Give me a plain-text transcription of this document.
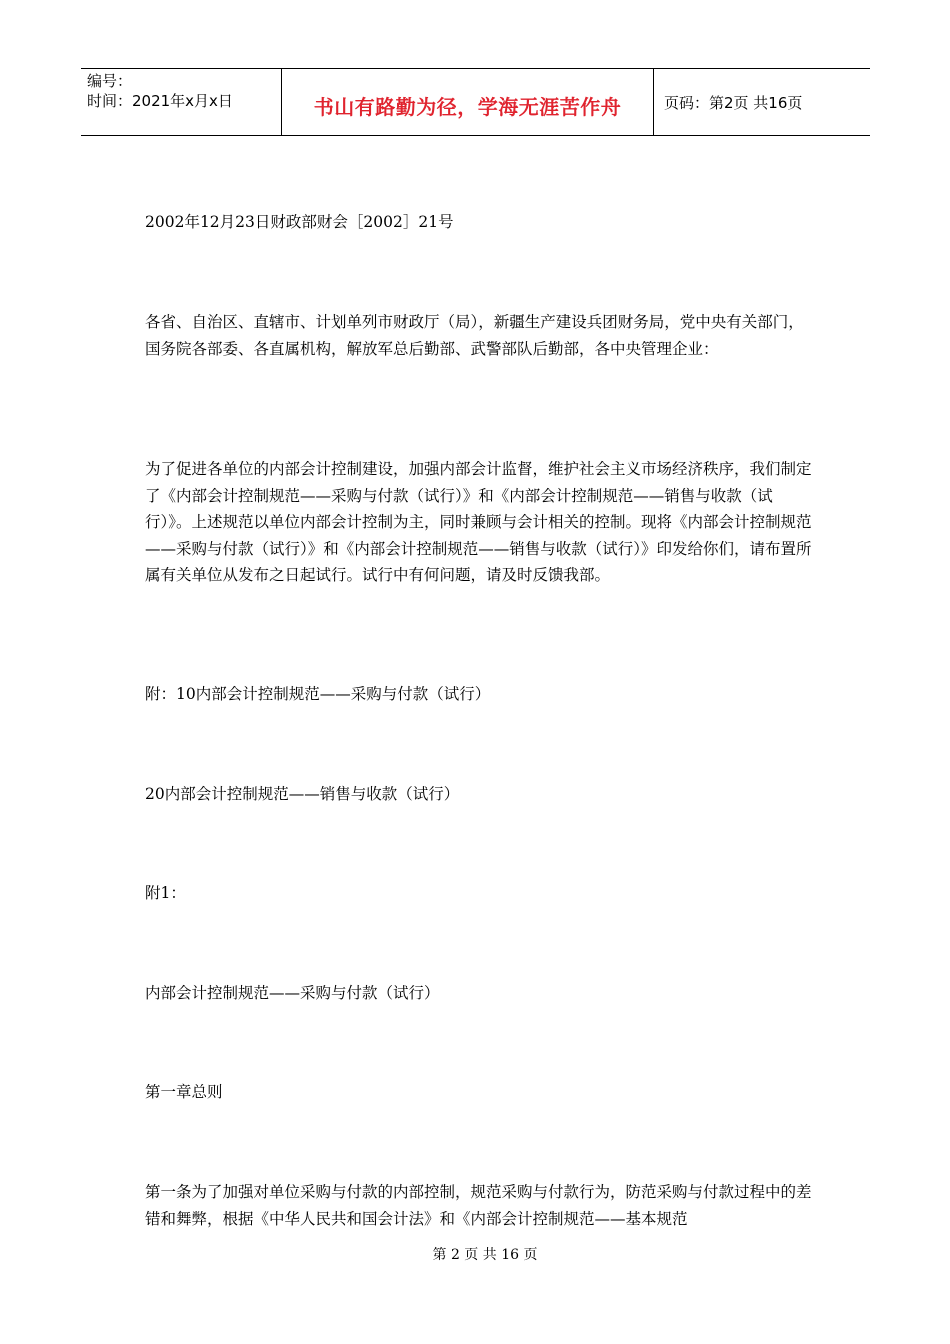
编号：
时间：2021年x月x日	书山有路勤为径，学海无涯苦作舟	页码：第2页 共16页

2002年12月23日财政部财会［2002］21号

各省、自治区、直辖市、计划单列市财政厅（局），新疆生产建设兵团财务局，党中央有关部门，国务院各部委、各直属机构，解放军总后勤部、武警部队后勤部，各中央管理企业：

为了促进各单位的内部会计控制建设，加强内部会计监督，维护社会主义市场经济秩序，我们制定了《内部会计控制规范——采购与付款（试行）》和《内部会计控制规范——销售与收款（试行）》。上述规范以单位内部会计控制为主，同时兼顾与会计相关的控制。现将《内部会计控制规范——采购与付款（试行）》和《内部会计控制规范——销售与收款（试行）》印发给你们，请布置所属有关单位从发布之日起试行。试行中有何问题，请及时反馈我部。

附：10内部会计控制规范——采购与付款（试行）

20内部会计控制规范——销售与收款（试行）

附1：

内部会计控制规范——采购与付款（试行）

第一章总则

第一条为了加强对单位采购与付款的内部控制，规范采购与付款行为，防范采购与付款过程中的差错和舞弊，根据《中华人民共和国会计法》和《内部会计控制规范——基本规范

第 2 页 共 16 页
